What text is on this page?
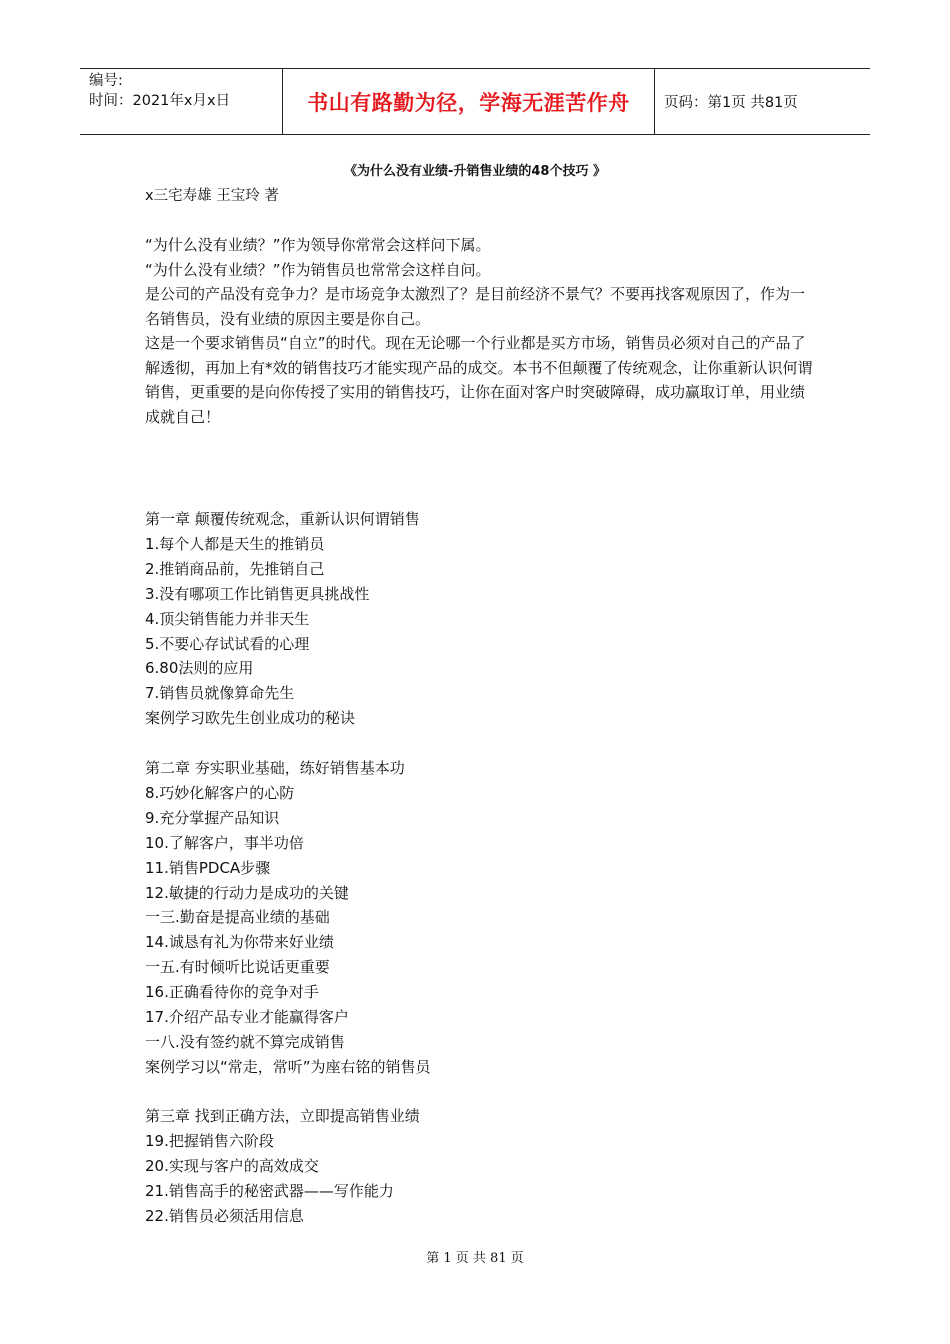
编号:
时间：2021年x月x日	书山有路勤为径，学海无涯苦作舟 页码：第1页 共81页
《为什么没有业绩-升销售业绩的48个技巧 》
x三宅寿雄 王宝玲 著

“为什么没有业绩？”作为领导你常常会这样问下属。

“为什么没有业绩？”作为销售员也常常会这样自问。

是公司的产品没有竞争力？是市场竞争太激烈了？是目前经济不景气？不要再找客观原因了，作为一名销售员，没有业绩的原因主要是你自己。

这是一个要求销售员“自立”的时代。现在无论哪一个行业都是买方市场，销售员必须对自己的产品了解透彻，再加上有*效的销售技巧才能实现产品的成交。本书不但颠覆了传统观念，让你重新认识何谓销售，更重要的是向你传授了实用的销售技巧，让你在面对客户时突破障碍，成功赢取订单，用业绩成就自己！

第一章 颠覆传统观念，重新认识何谓销售
1.每个人都是天生的推销员
2.推销商品前，先推销自己
3.没有哪项工作比销售更具挑战性
4.顶尖销售能力并非天生
5.不要心存试试看的心理
6.80法则的应用
7.销售员就像算命先生
案例学习欧先生创业成功的秘诀
第二章 夯实职业基础，练好销售基本功
8.巧妙化解客户的心防
9.充分掌握产品知识
10.了解客户，事半功倍
11.销售PDCA步骤
12.敏捷的行动力是成功的关键
一三.勤奋是提高业绩的基础
14.诚恳有礼为你带来好业绩
一五.有时倾听比说话更重要
16.正确看待你的竞争对手
17.介绍产品专业才能赢得客户
一八.没有签约就不算完成销售
案例学习以“常走，常听”为座右铭的销售员
第三章 找到正确方法，立即提高销售业绩
19.把握销售六阶段
20.实现与客户的高效成交
21.销售高手的秘密武器——写作能力
22.销售员必须活用信息
第 1 页 共 81 页
